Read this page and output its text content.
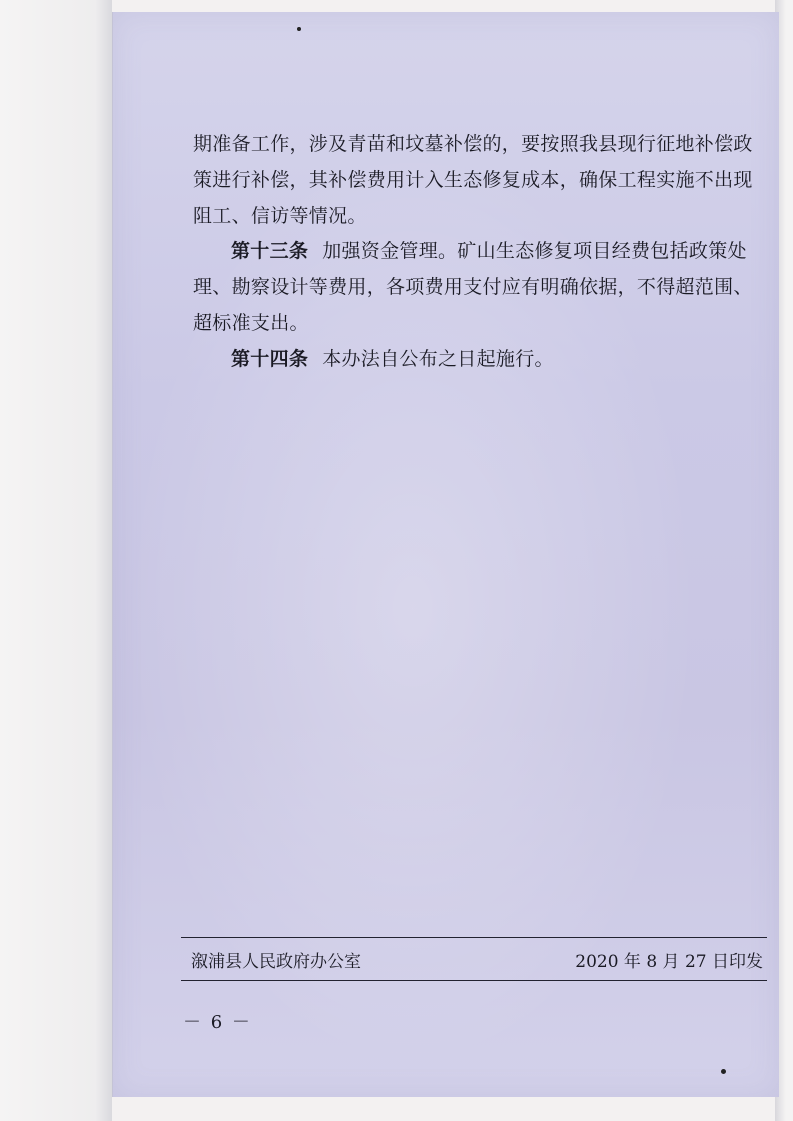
期准备工作，涉及青苗和坟墓补偿的，要按照我县现行征地补偿政策进行补偿，其补偿费用计入生态修复成本，确保工程实施不出现阻工、信访等情况。

第十三条 加强资金管理。矿山生态修复项目经费包括政策处理、勘察设计等费用，各项费用支付应有明确依据，不得超范围、超标准支出。

第十四条 本办法自公布之日起施行。

溆浦县人民政府办公室	2020 年 8 月 27 日印发
－ 6 －
